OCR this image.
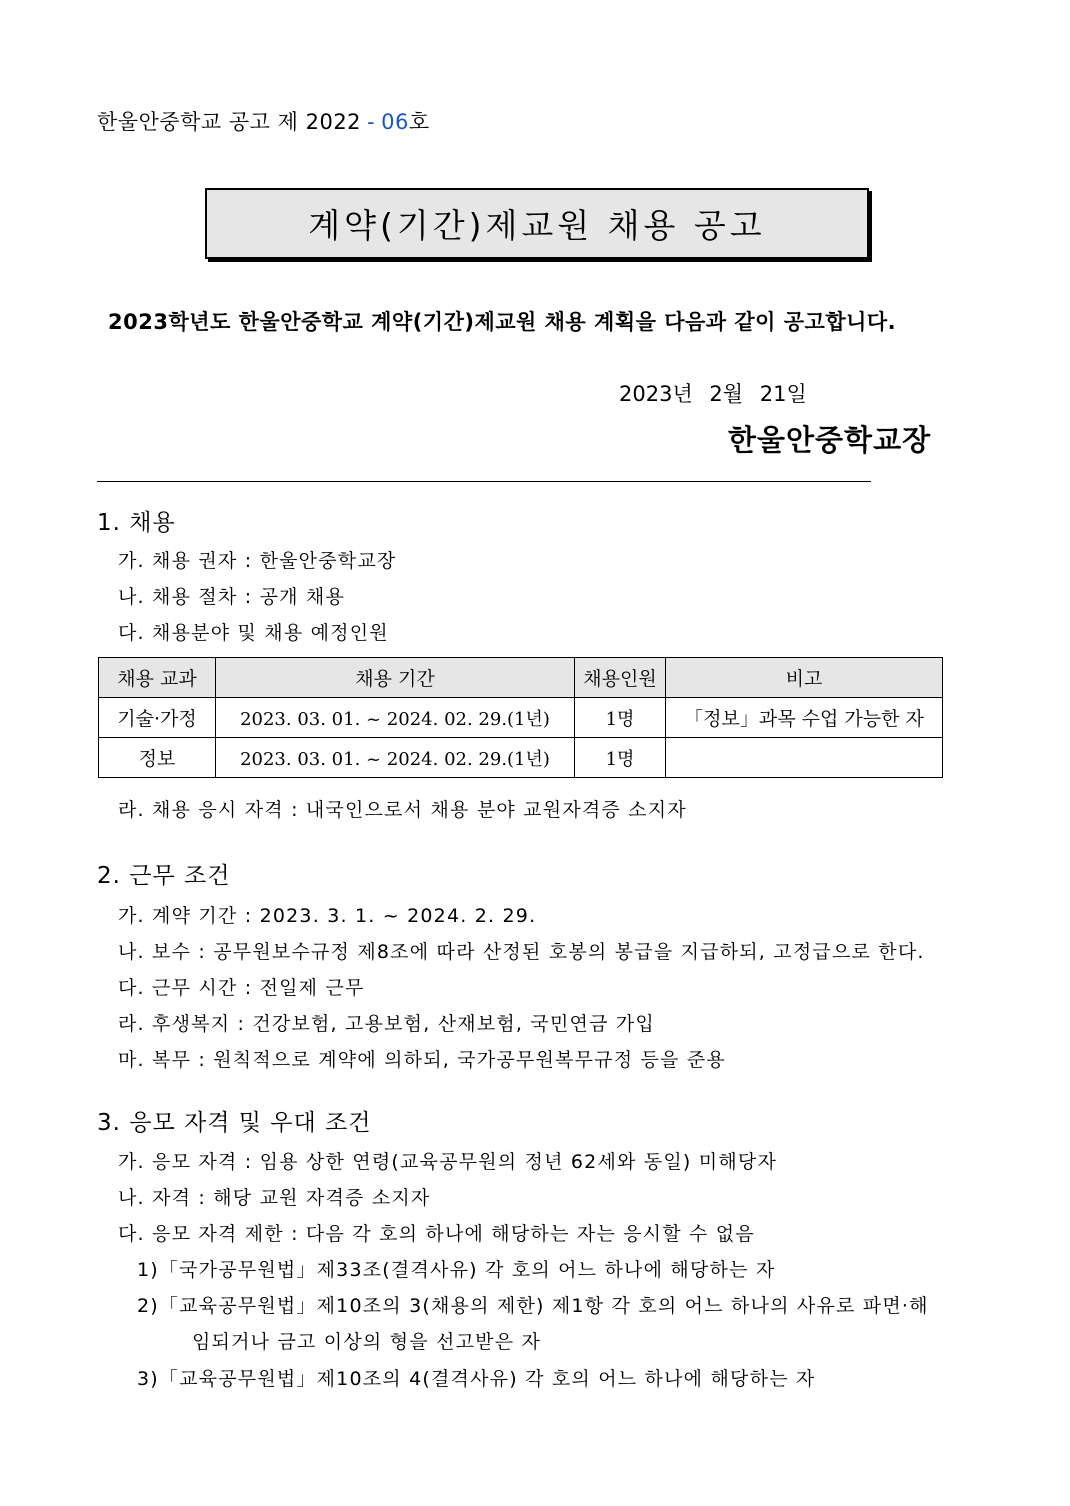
한울안중학교 공고 제 2022 - 06호
계약(기간)제교원 채용 공고
2023학년도 한울안중학교 계약(기간)제교원 채용 계획을 다음과 같이 공고합니다.
2023년 2월 21일
한울안중학교장
1. 채용
가. 채용 권자 : 한울안중학교장
나. 채용 절차 : 공개 채용
다. 채용분야 및 채용 예정인원
채용 교과	채용 기간	채용인원	비고
기술·가정	2023. 03. 01. ~ 2024. 02. 29.(1년)	1명	「정보」과목 수업 가능한 자
정보	2023. 03. 01. ~ 2024. 02. 29.(1년)	1명	
라. 채용 응시 자격 : 내국인으로서 채용 분야 교원자격증 소지자
2. 근무 조건
가. 계약 기간 : 2023. 3. 1. ~ 2024. 2. 29.
나. 보수 : 공무원보수규정 제8조에 따라 산정된 호봉의 봉급을 지급하되, 고정급으로 한다.
다. 근무 시간 : 전일제 근무
라. 후생복지 : 건강보험, 고용보험, 산재보험, 국민연금 가입
마. 복무 : 원칙적으로 계약에 의하되, 국가공무원복무규정 등을 준용
3. 응모 자격 및 우대 조건
가. 응모 자격 : 임용 상한 연령(교육공무원의 정년 62세와 동일) 미해당자
나. 자격 : 해당 교원 자격증 소지자
다. 응모 자격 제한 : 다음 각 호의 하나에 해당하는 자는 응시할 수 없음
1)「국가공무원법」제33조(결격사유) 각 호의 어느 하나에 해당하는 자
2)「교육공무원법」제10조의 3(채용의 제한) 제1항 각 호의 어느 하나의 사유로 파면·해
임되거나 금고 이상의 형을 선고받은 자
3)「교육공무원법」제10조의 4(결격사유) 각 호의 어느 하나에 해당하는 자
